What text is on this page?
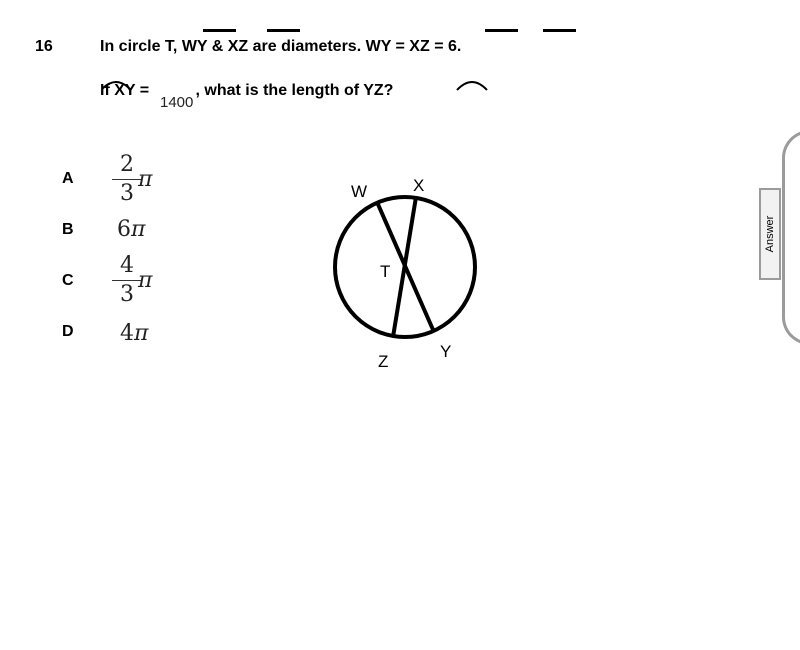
16	In circle T, WY & XZ are diameters. WY = XZ = 6.
If XY =	, what is the length of YZ?
1400
A
2
3
π
B 6π
C
4
3
π
D 4π
W	X
T
Z
Y
Answer
